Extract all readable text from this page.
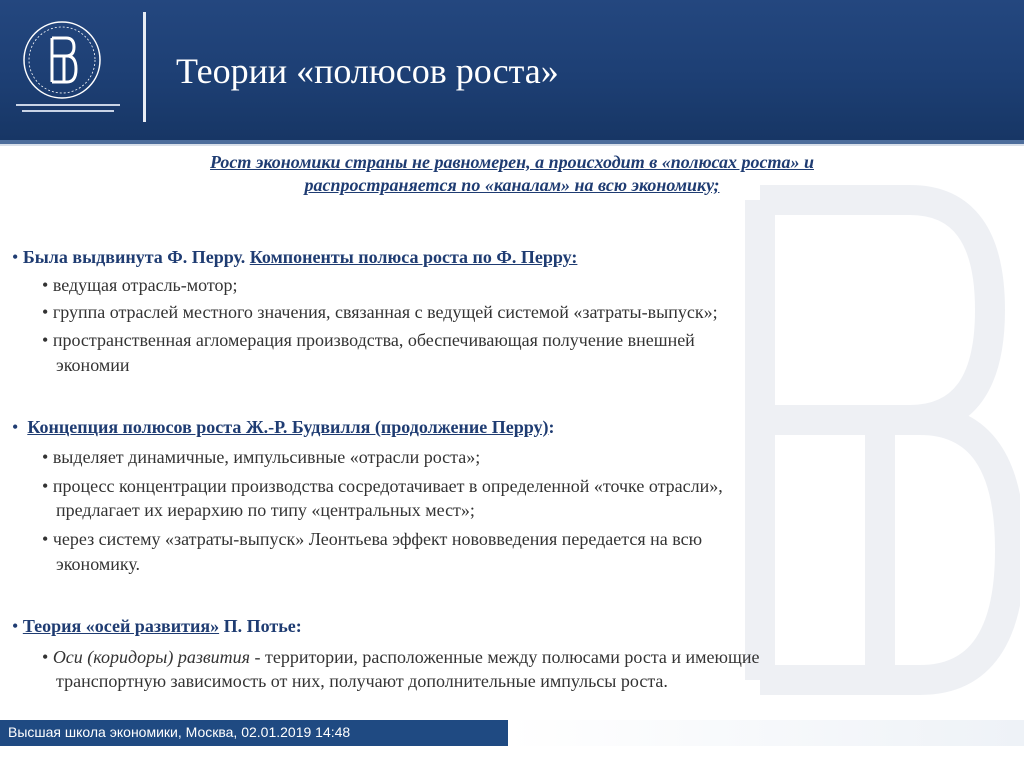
Теории «полюсов роста»
Рост экономики страны не равномерен, а происходит в «полюсах роста» и
распространяется по «каналам» на всю экономику;
• Была выдвинута Ф. Перру. Компоненты полюса роста по Ф. Перру:
• ведущая отрасль-мотор;
• группа отраслей местного значения, связанная с ведущей системой «затраты-выпуск»;
• пространственная агломерация производства, обеспечивающая получение внешней
экономии
• Концепция полюсов роста Ж.-Р. Будвилля (продолжение Перру):
• выделяет динамичные, импульсивные «отрасли роста»;
• процесс концентрации производства сосредотачивает в определенной «точке отрасли»,
предлагает их иерархию по типу «центральных мест»;
• через систему «затраты-выпуск» Леонтьева эффект нововведения передается на всю
экономику.
• Теория «осей развития» П. Потье:
• Оси (коридоры) развития - территории, расположенные между полюсами роста и имеющие
транспортную зависимость от них, получают дополнительные импульсы роста.
Высшая школа экономики, Москва, 02.01.2019 14:48
